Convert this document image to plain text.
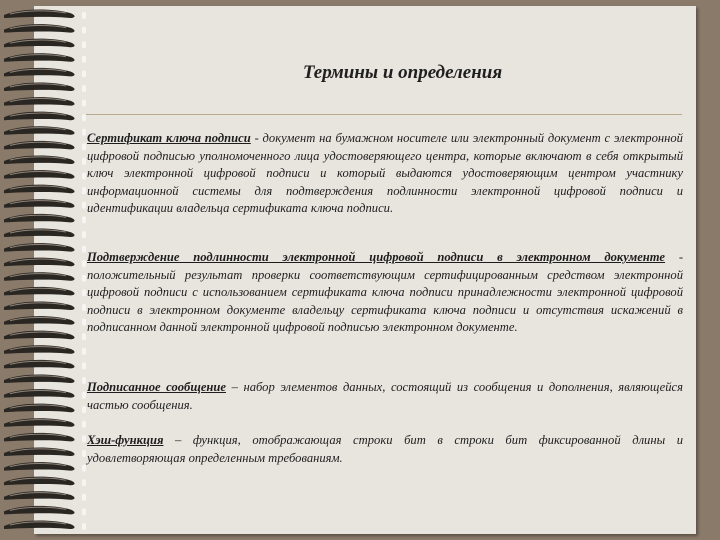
Термины и определения

Сертификат ключа подписи - документ на бумажном носителе или электронный документ с электронной цифровой подписью уполномоченного лица удостоверяющего центра, которые включают в себя открытый ключ электронной цифровой подписи и который выдаются удостоверяющим центром участнику информационной системы для подтверждения подлинности электронной цифровой подписи и идентификации владельца сертификата ключа подписи.

Подтверждение подлинности электронной цифровой подписи в электронном документе - положительный результат проверки соответствующим сертифицированным средством электронной цифровой подписи с использованием сертификата ключа подписи принадлежности электронной цифровой подписи в электронном документе владельцу сертификата ключа подписи и отсутствия искажений в подписанном данной электронной цифровой подписью электронном документе.

Подписанное сообщение – набор элементов данных, состоящий из сообщения и дополнения, являющейся частью сообщения.

Хэш-функция – функция, отображающая строки бит в строки бит фиксированной длины и удовлетворяющая определенным требованиям.
